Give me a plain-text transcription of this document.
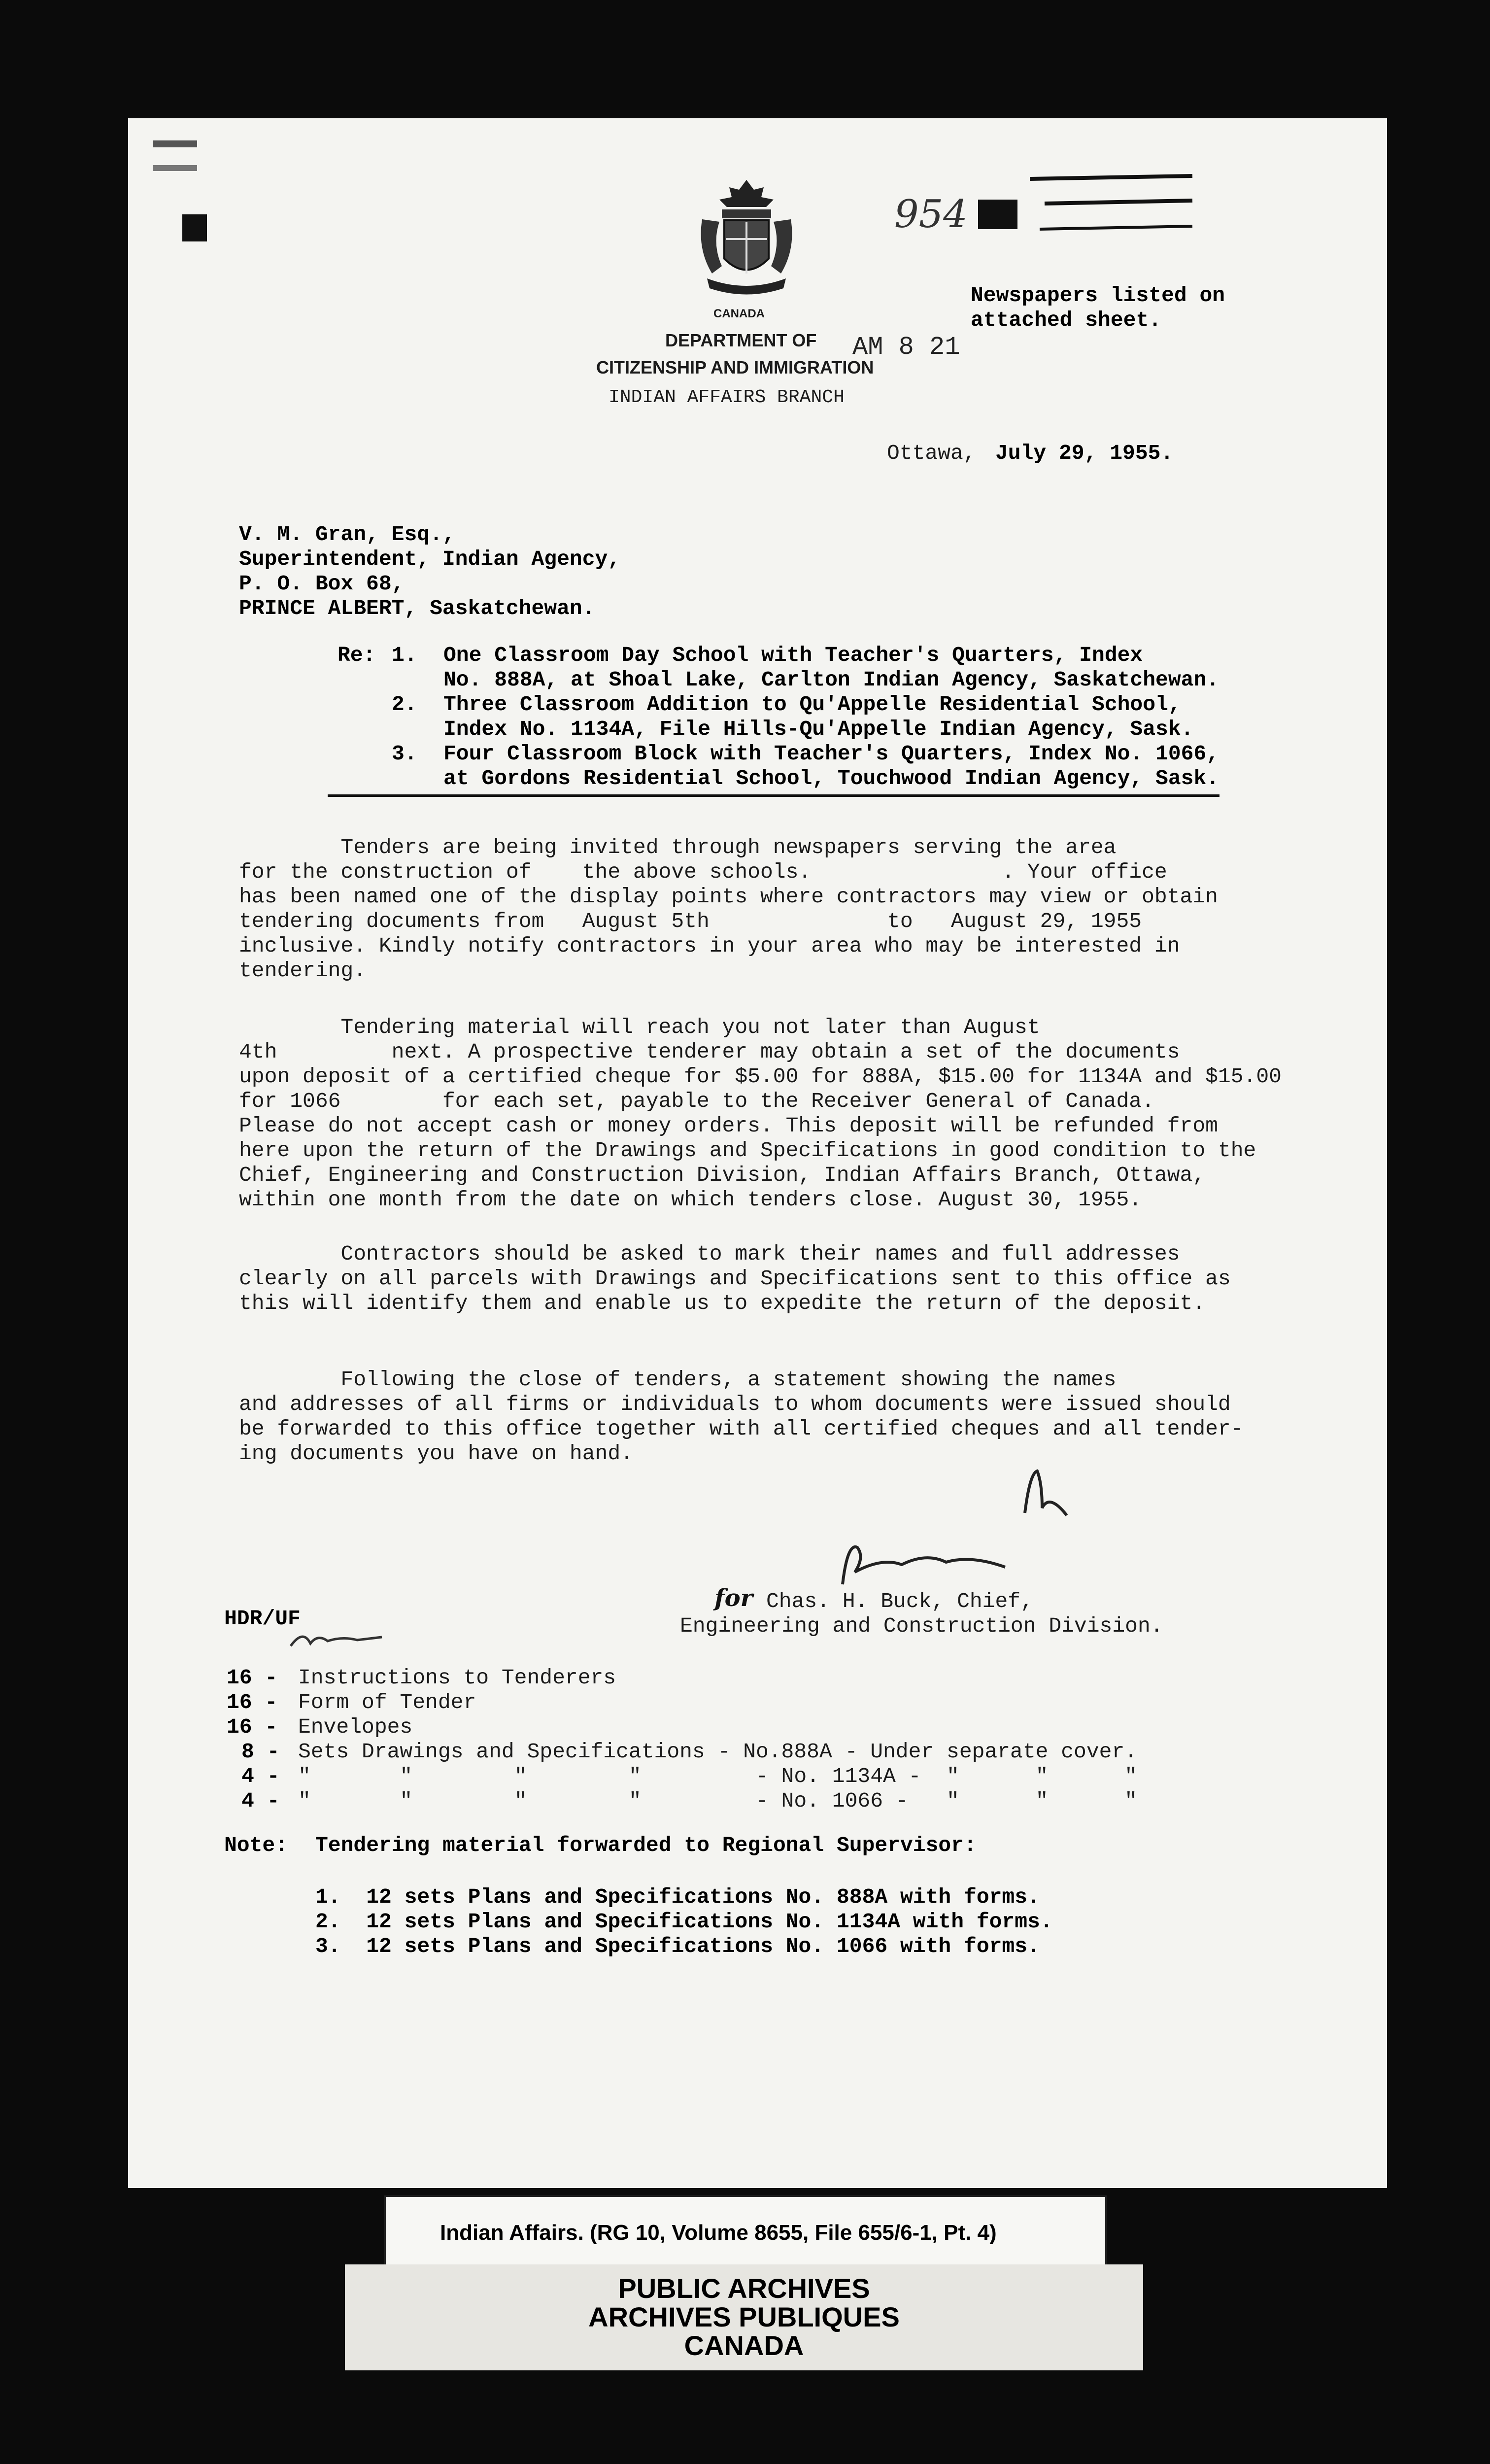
CANADA
954
Newspapers listed on
attached sheet.
DEPARTMENT OF AM 8 21
CITIZENSHIP AND IMMIGRATION
INDIAN AFFAIRS BRANCH
Ottawa, July 29, 1955.
V. M. Gran, Esq.,
Superintendent, Indian Agency,
P. O. Box 68,
PRINCE ALBERT, Saskatchewan.
Re: 1. One Classroom Day School with Teacher's Quarters, Index
No. 888A, at Shoal Lake, Carlton Indian Agency, Saskatchewan.
2. Three Classroom Addition to Qu'Appelle Residential School,
Index No. 1134A, File Hills-Qu'Appelle Indian Agency, Sask.
3. Four Classroom Block with Teacher's Quarters, Index No. 1066,
at Gordons Residential School, Touchwood Indian Agency, Sask.
Tenders are being invited through newspapers serving the area
for the construction of    the above schools.               . Your office
has been named one of the display points where contractors may view or obtain
tendering documents from   August 5th              to   August 29, 1955
inclusive. Kindly notify contractors in your area who may be interested in
tendering.
Tendering material will reach you not later than August
4th         next. A prospective tenderer may obtain a set of the documents
upon deposit of a certified cheque for $5.00 for 888A, $15.00 for 1134A and $15.00
for 1066        for each set, payable to the Receiver General of Canada.
Please do not accept cash or money orders. This deposit will be refunded from
here upon the return of the Drawings and Specifications in good condition to the
Chief, Engineering and Construction Division, Indian Affairs Branch, Ottawa,
within one month from the date on which tenders close. August 30, 1955.
Contractors should be asked to mark their names and full addresses
clearly on all parcels with Drawings and Specifications sent to this office as
this will identify them and enable us to expedite the return of the deposit.
Following the close of tenders, a statement showing the names
and addresses of all firms or individuals to whom documents were issued should
be forwarded to this office together with all certified cheques and all tender-
ing documents you have on hand.
for Chas. H. Buck, Chief,
Engineering and Construction Division.
HDR/UF
16 - Instructions to Tenderers
16 - Form of Tender
16 - Envelopes
8 - Sets Drawings and Specifications - No.888A - Under separate cover.
4 - "       "        "        "         - No. 1134A -  "      "      "
4 - "       "        "        "         - No. 1066 -   "      "      "
Note: Tendering material forwarded to Regional Supervisor:
1.  12 sets Plans and Specifications No. 888A with forms.
2.  12 sets Plans and Specifications No. 1134A with forms.
3.  12 sets Plans and Specifications No. 1066 with forms.
Indian Affairs. (RG 10, Volume 8655, File 655/6-1, Pt. 4)
PUBLIC ARCHIVES
ARCHIVES PUBLIQUES
CANADA
